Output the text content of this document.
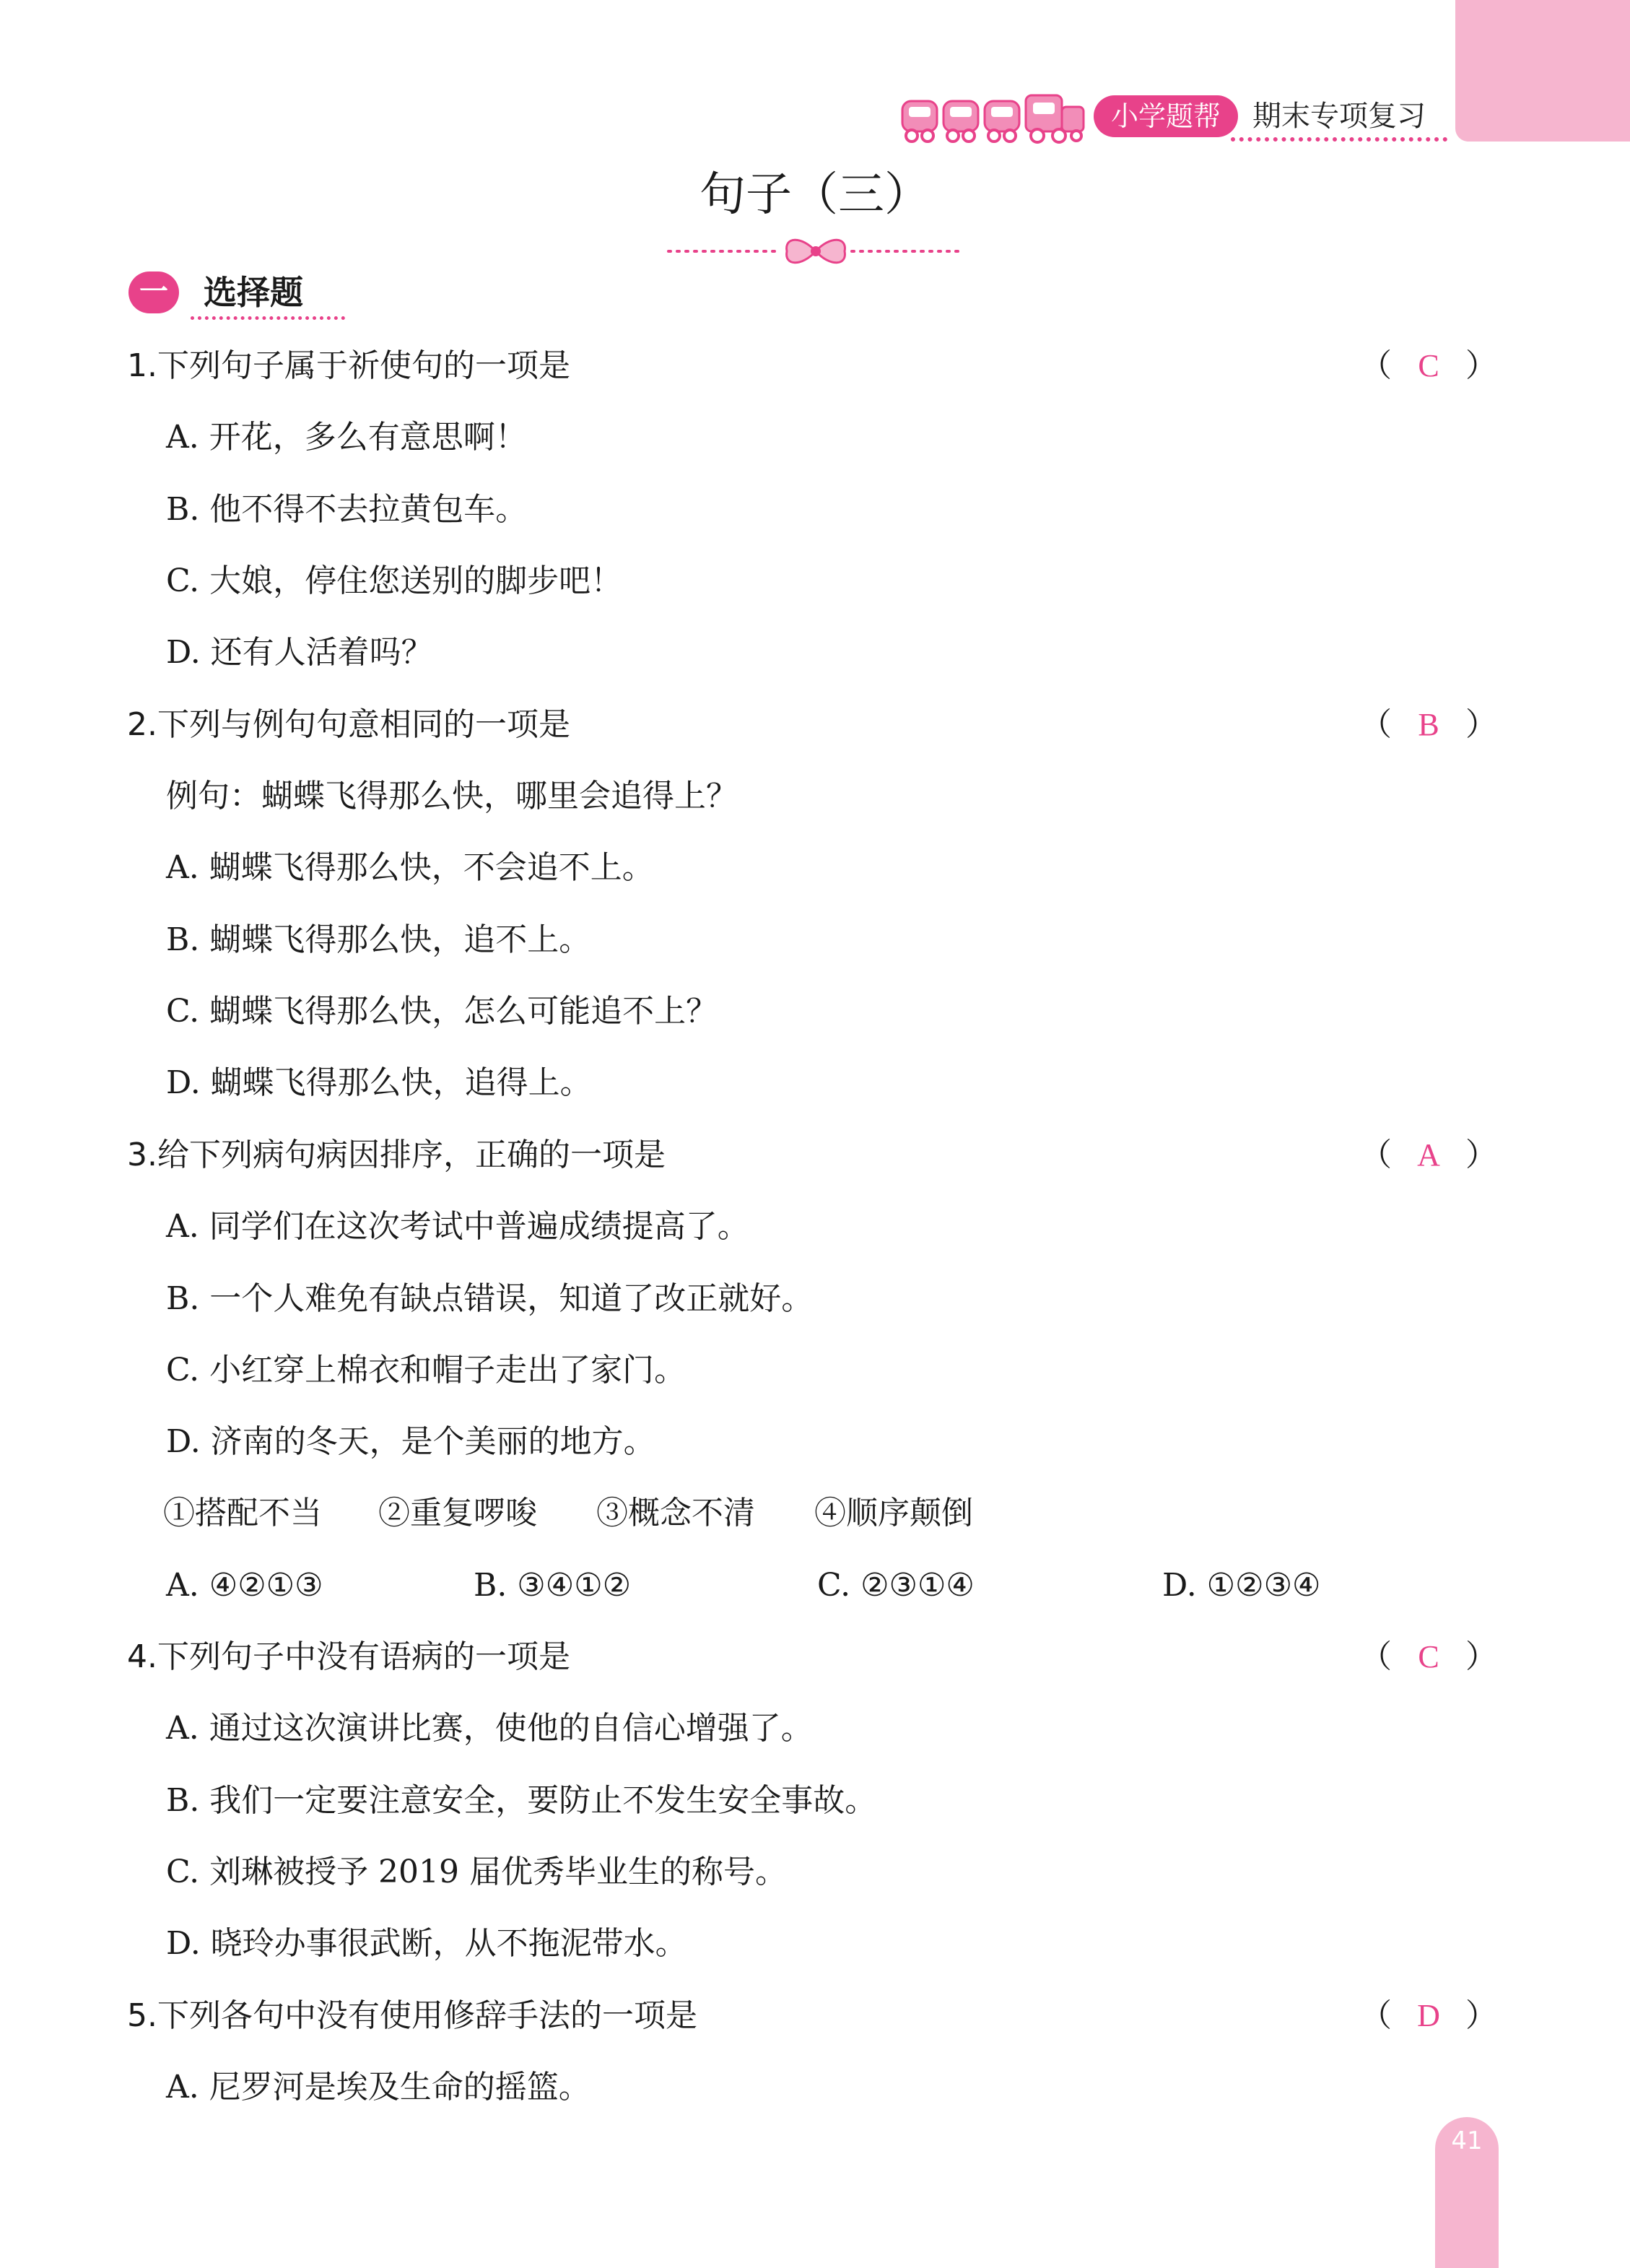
小学题帮	期末专项复习
句子（三）
一	选择题
1.下列句子属于祈使句的一项是	（ C ）
A. 开花，多么有意思啊！
B. 他不得不去拉黄包车。
C. 大娘，停住您送别的脚步吧！
D. 还有人活着吗？
2.下列与例句句意相同的一项是	（ B ）
例句：蝴蝶飞得那么快，哪里会追得上？
A. 蝴蝶飞得那么快，不会追不上。
B. 蝴蝶飞得那么快，追不上。
C. 蝴蝶飞得那么快，怎么可能追不上？
D. 蝴蝶飞得那么快，追得上。
3.给下列病句病因排序，正确的一项是	（ A ）
A. 同学们在这次考试中普遍成绩提高了。
B. 一个人难免有缺点错误，知道了改正就好。
C. 小红穿上棉衣和帽子走出了家门。
D. 济南的冬天，是个美丽的地方。
①搭配不当 ②重复啰唆 ③概念不清 ④顺序颠倒
A. ④②①③	B. ③④①②	C. ②③①④	D. ①②③④
4.下列句子中没有语病的一项是	（ C ）
A. 通过这次演讲比赛，使他的自信心增强了。
B. 我们一定要注意安全，要防止不发生安全事故。
C. 刘琳被授予 2019 届优秀毕业生的称号。
D. 晓玲办事很武断，从不拖泥带水。
5.下列各句中没有使用修辞手法的一项是	（ D ）
A. 尼罗河是埃及生命的摇篮。
41
